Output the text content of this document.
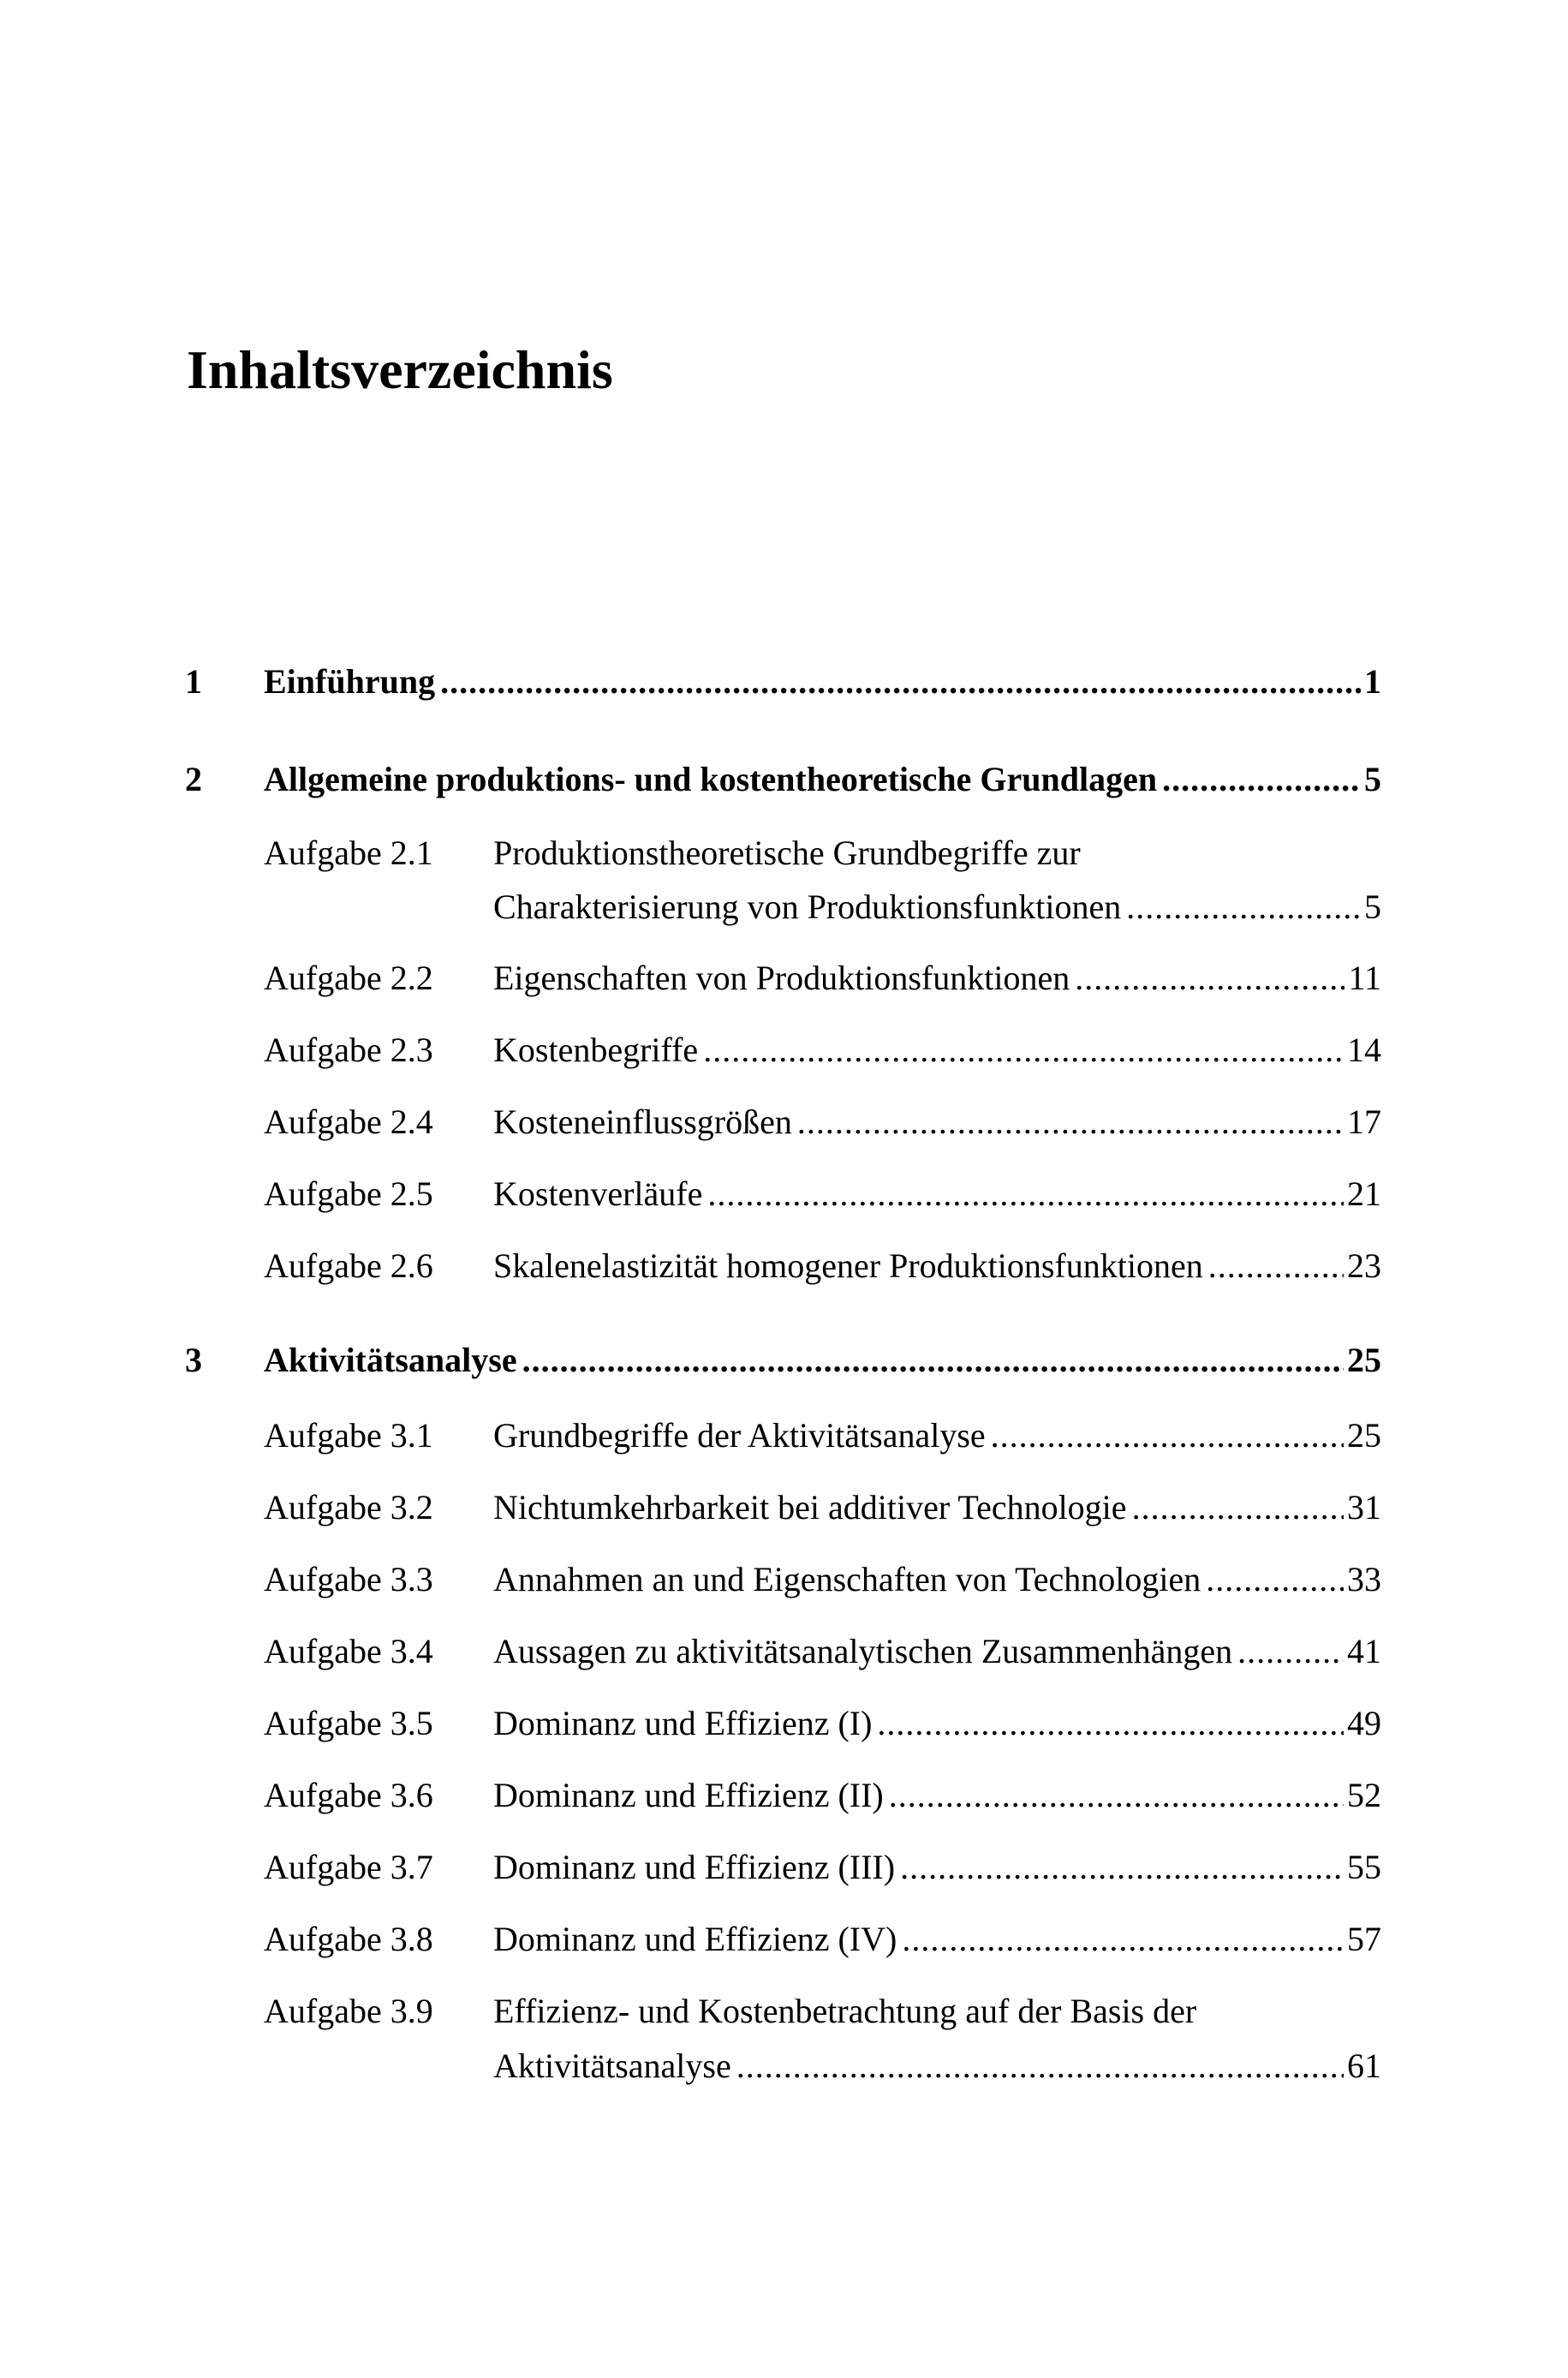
Inhaltsverzeichnis
1 Einführung .....	1
2 Allgemeine produktions- und kostentheoretische Grundlagen .....	5
Aufgabe 2.1 Produktionstheoretische Grundbegriffe zur
Charakterisierung von Produktionsfunktionen .....	5
Aufgabe 2.2 Eigenschaften von Produktionsfunktionen .....	11
Aufgabe 2.3 Kostenbegriffe .....	14
Aufgabe 2.4 Kosteneinflussgrößen .....	17
Aufgabe 2.5 Kostenverläufe .....	21
Aufgabe 2.6 Skalenelastizität homogener Produktionsfunktionen .....	23
3 Aktivitätsanalyse .....	25
Aufgabe 3.1 Grundbegriffe der Aktivitätsanalyse .....	25
Aufgabe 3.2 Nichtumkehrbarkeit bei additiver Technologie .....	31
Aufgabe 3.3 Annahmen an und Eigenschaften von Technologien .....	33
Aufgabe 3.4 Aussagen zu aktivitätsanalytischen Zusammenhängen .....	41
Aufgabe 3.5 Dominanz und Effizienz (I) .....	49
Aufgabe 3.6 Dominanz und Effizienz (II) .....	52
Aufgabe 3.7 Dominanz und Effizienz (III) .....	55
Aufgabe 3.8 Dominanz und Effizienz (IV) .....	57
Aufgabe 3.9 Effizienz- und Kostenbetrachtung auf der Basis der
Aktivitätsanalyse .....	61
